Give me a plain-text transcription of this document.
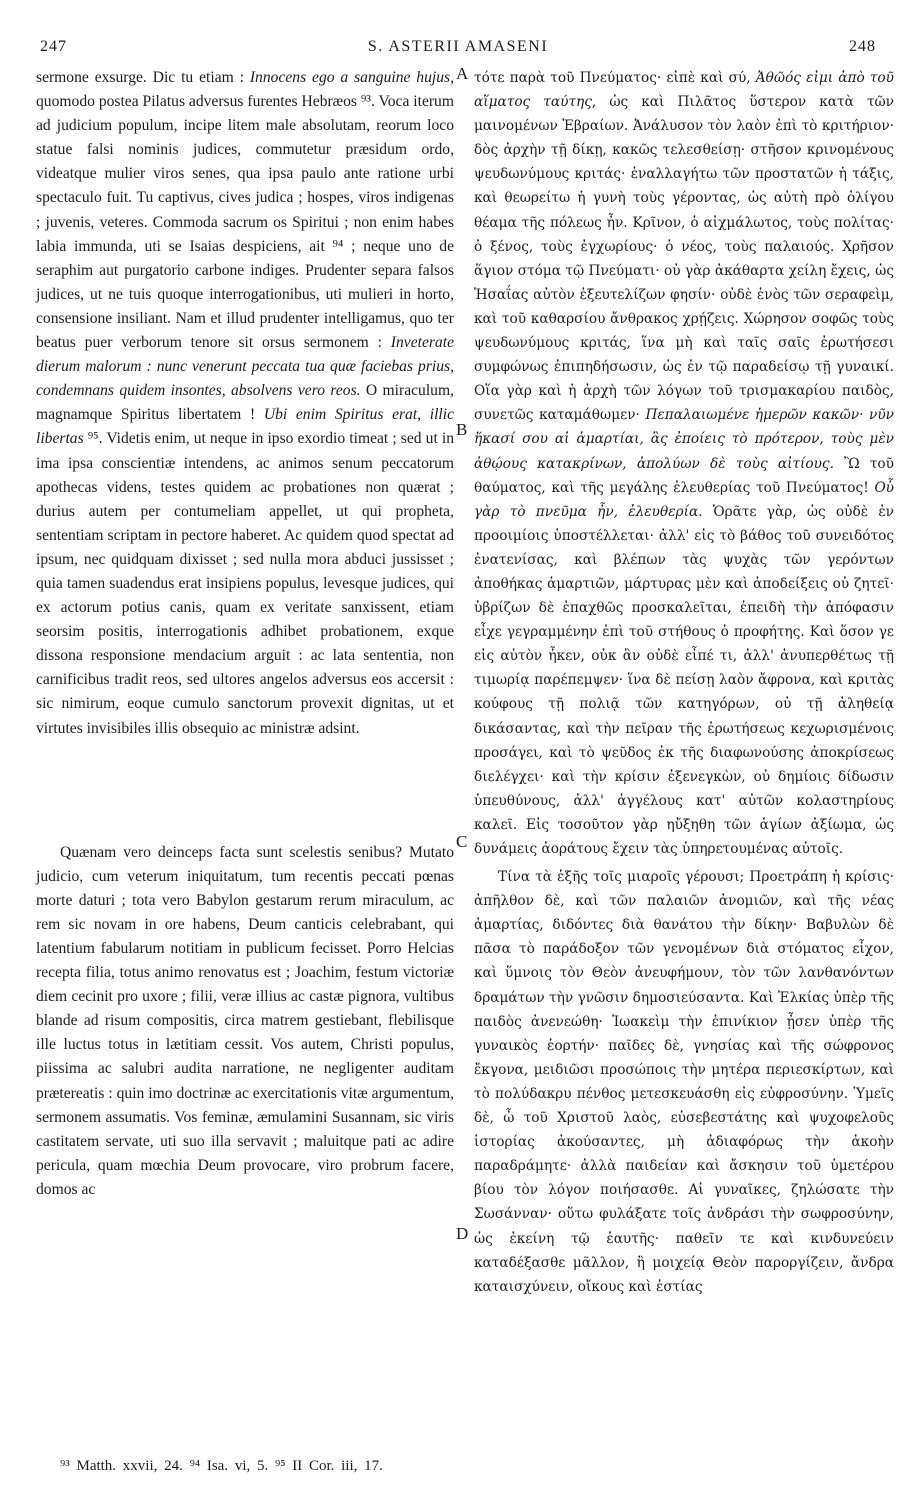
247	S. ASTERII AMASENI	248

sermone exsurge. Dic tu etiam : Innocens ego a sanguine hujus, quomodo postea Pilatus adversus furentes Hebræos ⁹³. Voca iterum ad judicium populum, incipe litem male absolutam, reorum loco statue falsi nominis judices, commutetur præsidum ordo, videatque mulier viros senes, qua ipsa paulo ante ratione urbi spectaculo fuit. Tu captivus, cives judica ; hospes, viros indigenas ; juvenis, veteres. Commoda sacrum os Spiritui ; non enim habes labia immunda, uti se Isaias despiciens, ait ⁹⁴ ; neque uno de seraphim aut purgatorio carbone indiges. Prudenter separa falsos judices, ut ne tuis quoque interrogationibus, uti mulieri in horto, consensione insiliant. Nam et illud prudenter intelligamus, quo ter beatus puer verborum tenore sit orsus sermonem : Inveterate dierum malorum : nunc venerunt peccata tua quæ faciebas prius, condemnans quidem insontes, absolvens vero reos. O miraculum, magnamque Spiritus libertatem ! Ubi enim Spiritus erat, illic libertas ⁹⁵. Videtis enim, ut neque in ipso exordio timeat ; sed ut in ima ipsa conscientiæ intendens, ac animos senum peccatorum apothecas videns, testes quidem ac probationes non quærat ; durius autem per contumeliam appellet, ut qui propheta, sententiam scriptam in pectore haberet. Ac quidem quod spectat ad ipsum, nec quidquam dixisset ; sed nulla mora abduci jussisset ; quia tamen suadendus erat insipiens populus, levesque judices, qui ex actorum potius canis, quam ex veritate sanxissent, etiam seorsim positis, interrogationis adhibet probationem, exque dissona responsione mendacium arguit : ac lata sententia, non carnificibus tradit reos, sed ultores angelos adversus eos accersit : sic nimirum, eoque cumulo sanctorum provexit dignitas, ut et virtutes invisibiles illis obsequio ac ministræ adsint.

Quænam vero deinceps facta sunt scelestis senibus? Mutato judicio, cum veterum iniquitatum, tum recentis peccati pœnas morte daturi ; tota vero Babylon gestarum rerum miraculum, ac rem sic novam in ore habens, Deum canticis celebrabant, qui latentium fabularum notitiam in publicum fecisset. Porro Helcias recepta filia, totus animo renovatus est ; Joachim, festum victoriæ diem cecinit pro uxore ; filii, veræ illius ac castæ pignora, vultibus blande ad risum compositis, circa matrem gestiebant, flebilisque ille luctus totus in lætitiam cessit. Vos autem, Christi populus, piissima ac salubri audita narratione, ne negligenter auditam prætereatis : quin imo doctrinæ ac exercitationis vitæ argumentum, sermonem assumatis. Vos feminæ, æmulamini Susannam, sic viris castitatem servate, uti suo illa servavit ; maluitque pati ac adire pericula, quam mœchia Deum provocare, viro probrum facere, domos ac

τότε παρὰ τοῦ Πνεύματος· εἰπὲ καὶ σύ, Ἀθῶός εἰμι ἀπὸ τοῦ αἵματος ταύτης, ὡς καὶ Πιλᾶτος ὕστερον κατὰ τῶν μαινομένων Ἑβραίων. Ἀνάλυσον τὸν λαὸν ἐπὶ τὸ κριτήριον· δὸς ἀρχὴν τῇ δίκῃ, κακῶς τελεσθείσῃ· στῆσον κρινομένους ψευδωνύμους κριτάς· ἐναλλαγήτω τῶν προστατῶν ἡ τάξις, καὶ θεωρείτω ἡ γυνὴ τοὺς γέροντας, ὡς αὐτὴ πρὸ ὀλίγου θέαμα τῆς πόλεως ἦν. Κρῖνον, ὁ αἰχμάλωτος, τοὺς πολίτας· ὁ ξένος, τοὺς ἐγχωρίους· ὁ νέος, τοὺς παλαιούς. Χρῆσον ἅγιον στόμα τῷ Πνεύματι· οὐ γὰρ ἀκάθαρτα χείλη ἔχεις, ὡς Ἡσαΐας αὐτὸν ἐξευτελίζων φησίν· οὐδὲ ἑνὸς τῶν σεραφεὶμ, καὶ τοῦ καθαρσίου ἄνθρακος χρῄζεις. Χώρησον σοφῶς τοὺς ψευδωνύμους κριτάς, ἵνα μὴ καὶ ταῖς σαῖς ἐρωτήσεσι συμφώνως ἐπιπηδήσωσιν, ὡς ἐν τῷ παραδείσῳ τῇ γυναικί. Οἵα γὰρ καὶ ἡ ἀρχὴ τῶν λόγων τοῦ τρισμακαρίου παιδὸς, συνετῶς καταμάθωμεν· Πεπαλαιωμένε ἡμερῶν κακῶν· νῦν ἥκασί σου αἱ ἁμαρτίαι, ἃς ἐποίεις τὸ πρότερον, τοὺς μὲν ἀθῴους κατακρίνων, ἀπολύων δὲ τοὺς αἰτίους. Ὢ τοῦ θαύματος, καὶ τῆς μεγάλης ἐλευθερίας τοῦ Πνεύματος! Οὗ γὰρ τὸ πνεῦμα ἦν, ἐλευθερία. Ὁρᾶτε γὰρ, ὡς οὐδὲ ἐν προοιμίοις ὑποστέλλεται· ἀλλ' εἰς τὸ βάθος τοῦ συνειδότος ἐνατενίσας, καὶ βλέπων τὰς ψυχὰς τῶν γερόντων ἀποθήκας ἁμαρτιῶν, μάρτυρας μὲν καὶ ἀποδείξεις οὐ ζητεῖ· ὑβρίζων δὲ ἐπαχθῶς προσκαλεῖται, ἐπειδὴ τὴν ἀπόφασιν εἶχε γεγραμμένην ἐπὶ τοῦ στήθους ὁ προφήτης. Καὶ ὅσον γε εἰς αὐτὸν ἧκεν, οὐκ ἂν οὐδὲ εἶπέ τι, ἀλλ' ἀνυπερθέτως τῇ τιμωρίᾳ παρέπεμψεν· ἵνα δὲ πείσῃ λαὸν ἄφρονα, καὶ κριτὰς κούφους τῇ πολιᾷ τῶν κατηγόρων, οὐ τῇ ἀληθείᾳ δικάσαντας, καὶ τὴν πεῖραν τῆς ἐρωτήσεως κεχωρισμένοις προσάγει, καὶ τὸ ψεῦδος ἐκ τῆς διαφωνούσης ἀποκρίσεως διελέγχει· καὶ τὴν κρίσιν ἐξενεγκὼν, οὐ δημίοις δίδωσιν ὑπευθύνους, ἀλλ' ἀγγέλους κατ' αὐτῶν κολαστηρίους καλεῖ. Εἰς τοσοῦτον γὰρ ηὔξηθη τῶν ἁγίων ἀξίωμα, ὡς δυνάμεις ἀοράτους ἔχειν τὰς ὑπηρετουμένας αὐτοῖς.

Τίνα τὰ ἑξῆς τοῖς μιαροῖς γέρουσι; Προετράπη ἡ κρίσις· ἀπῆλθον δὲ, καὶ τῶν παλαιῶν ἀνομιῶν, καὶ τῆς νέας ἁμαρτίας, διδόντες διὰ θανάτου τὴν δίκην· Βαβυλὼν δὲ πᾶσα τὸ παράδοξον τῶν γενομένων διὰ στόματος εἶχον, καὶ ὕμνοις τὸν Θεὸν ἀνευφήμουν, τὸν τῶν λανθανόντων δραμάτων τὴν γνῶσιν δημοσιεύσαντα. Καὶ Ἑλκίας ὑπὲρ τῆς παιδὸς ἀνενεώθη· Ἰωακεὶμ τὴν ἐπινίκιον ᾖσεν ὑπὲρ τῆς γυναικὸς ἑορτήν· παῖδες δὲ, γνησίας καὶ τῆς σώφρονος ἔκγονα, μειδιῶσι προσώποις τὴν μητέρα περιεσκίρτων, καὶ τὸ πολύδακρυ πένθος μετεσκευάσθη εἰς εὐφροσύνην. Ὑμεῖς δὲ, ὦ τοῦ Χριστοῦ λαὸς, εὐσεβεστάτης καὶ ψυχοφελοῦς ἱστορίας ἀκούσαντες, μὴ ἀδιαφόρως τὴν ἀκοὴν παραδράμητε· ἀλλὰ παιδείαν καὶ ἄσκησιν τοῦ ὑμετέρου βίου τὸν λόγον ποιήσασθε. Αἱ γυναῖκες, ζηλώσατε τὴν Σωσάνναν· οὕτω φυλάξατε τοῖς ἀνδράσι τὴν σωφροσύνην, ὡς ἐκείνη τῷ ἑαυτῆς· παθεῖν τε καὶ κινδυνεύειν καταδέξασθε μᾶλλον, ἢ μοιχείᾳ Θεὸν παροργίζειν, ἄνδρα καταισχύνειν, οἴκους καὶ ἑστίας

A
B
C
D
⁹³ Matth. xxvii, 24. ⁹⁴ Isa. vi, 5. ⁹⁵ II Cor. iii, 17.
